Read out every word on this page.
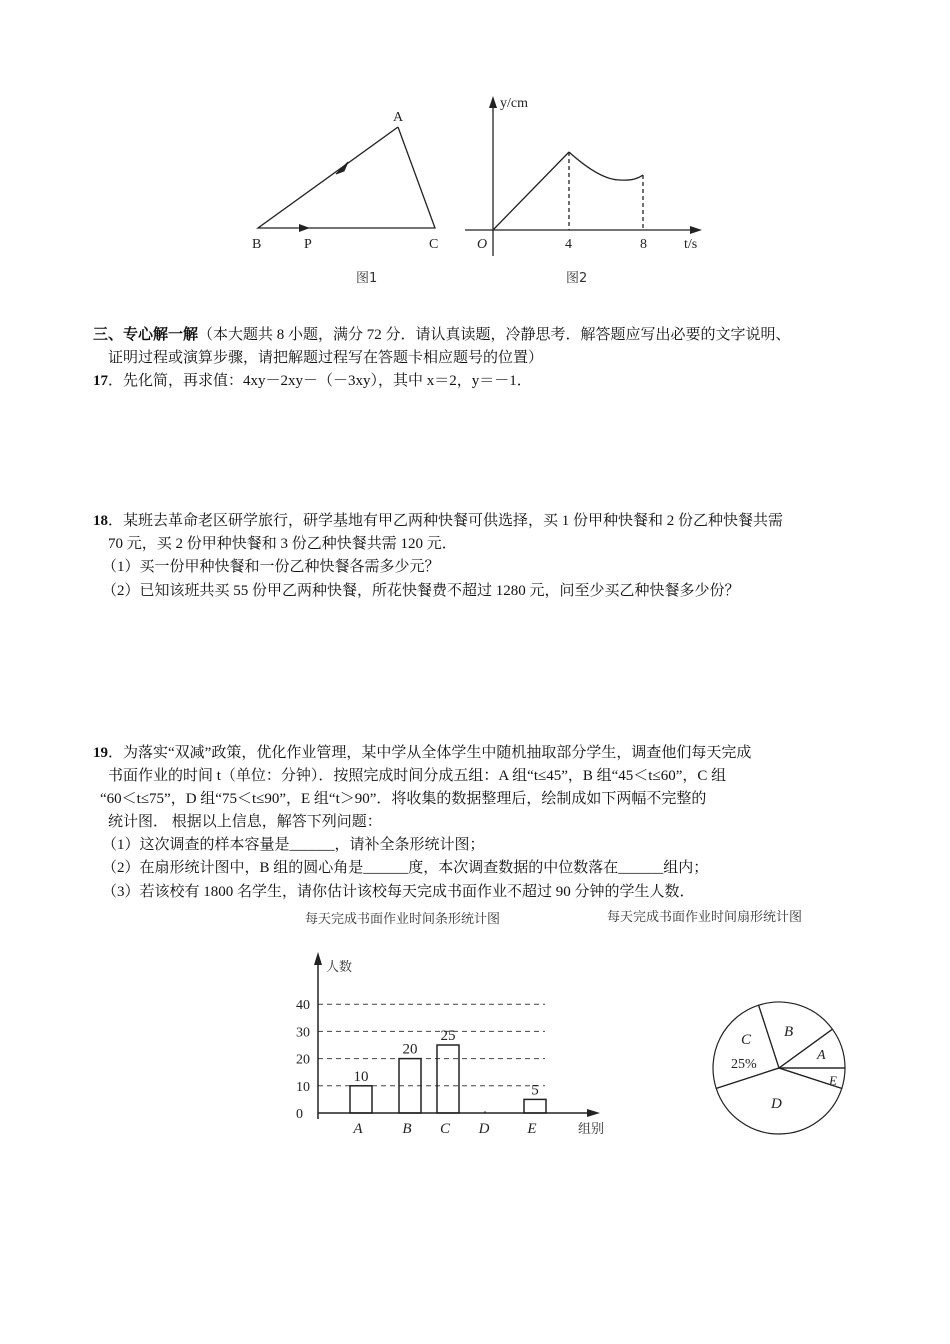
A
B	P	C
图1
y/cm
O	4	8	t/s
图2
三、专心解一解（本大题共 8 小题，满分 72 分．请认真读题，冷静思考．解答题应写出必要的文字说明、
证明过程或演算步骤，请把解题过程写在答题卡相应题号的位置）
17．先化简，再求值：4xy－2xy－（－3xy），其中 x＝2，y＝－1．
18．某班去革命老区研学旅行，研学基地有甲乙两种快餐可供选择，买 1 份甲种快餐和 2 份乙种快餐共需
70 元，买 2 份甲种快餐和 3 份乙种快餐共需 120 元．
（1）买一份甲种快餐和一份乙种快餐各需多少元？
（2）已知该班共买 55 份甲乙两种快餐，所花快餐费不超过 1280 元，问至少买乙种快餐多少份？
19．为落实“双减”政策，优化作业管理，某中学从全体学生中随机抽取部分学生，调查他们每天完成
书面作业的时间 t（单位：分钟）．按照完成时间分成五组：A 组“t≤45”，B 组“45＜t≤60”，C 组
“60＜t≤75”，D 组“75＜t≤90”，E 组“t＞90”．将收集的数据整理后，绘制成如下两幅不完整的
统计图． 根据以上信息，解答下列问题：
（1）这次调查的样本容量是______，请补全条形统计图；
（2）在扇形统计图中，B 组的圆心角是______度，本次调查数据的中位数落在______组内；
（3）若该校有 1800 名学生，请你估计该校每天完成书面作业不超过 90 分钟的学生人数．
每天完成书面作业时间条形统计图	每天完成书面作业时间扇形统计图
人数
组别
0
10
20
30
40
10
A
20
B
25
C D
5
E
C
25%
B
A
E
D
